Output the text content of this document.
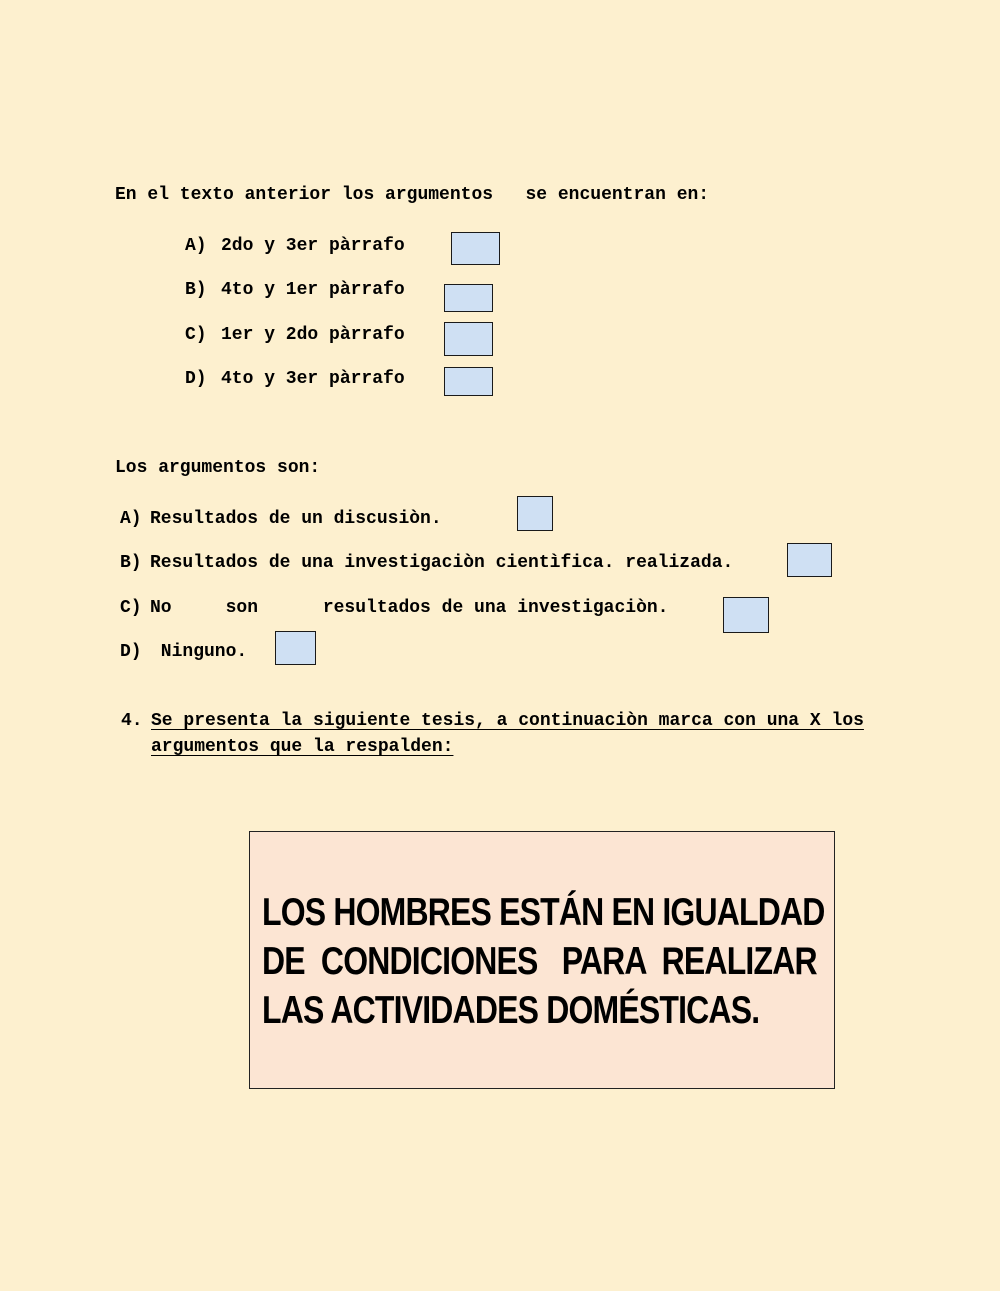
En el texto anterior los argumentos   se encuentran en:
A) 2do y 3er pàrrafo
B) 4to y 1er pàrrafo
C) 1er y 2do pàrrafo
D) 4to y 3er pàrrafo
Los argumentos son:
A) Resultados de un discusiòn.
B) Resultados de una investigaciòn cientìfica. realizada.
C) No     son      resultados de una investigaciòn.
D) Ninguno.
4. Se presenta la siguiente tesis, a continuaciòn marca con una X los
argumentos que la respalden:
LOS HOMBRES ESTÁN EN IGUALDAD
DE  CONDICIONES   PARA  REALIZAR
LAS ACTIVIDADES DOMÉSTICAS.
